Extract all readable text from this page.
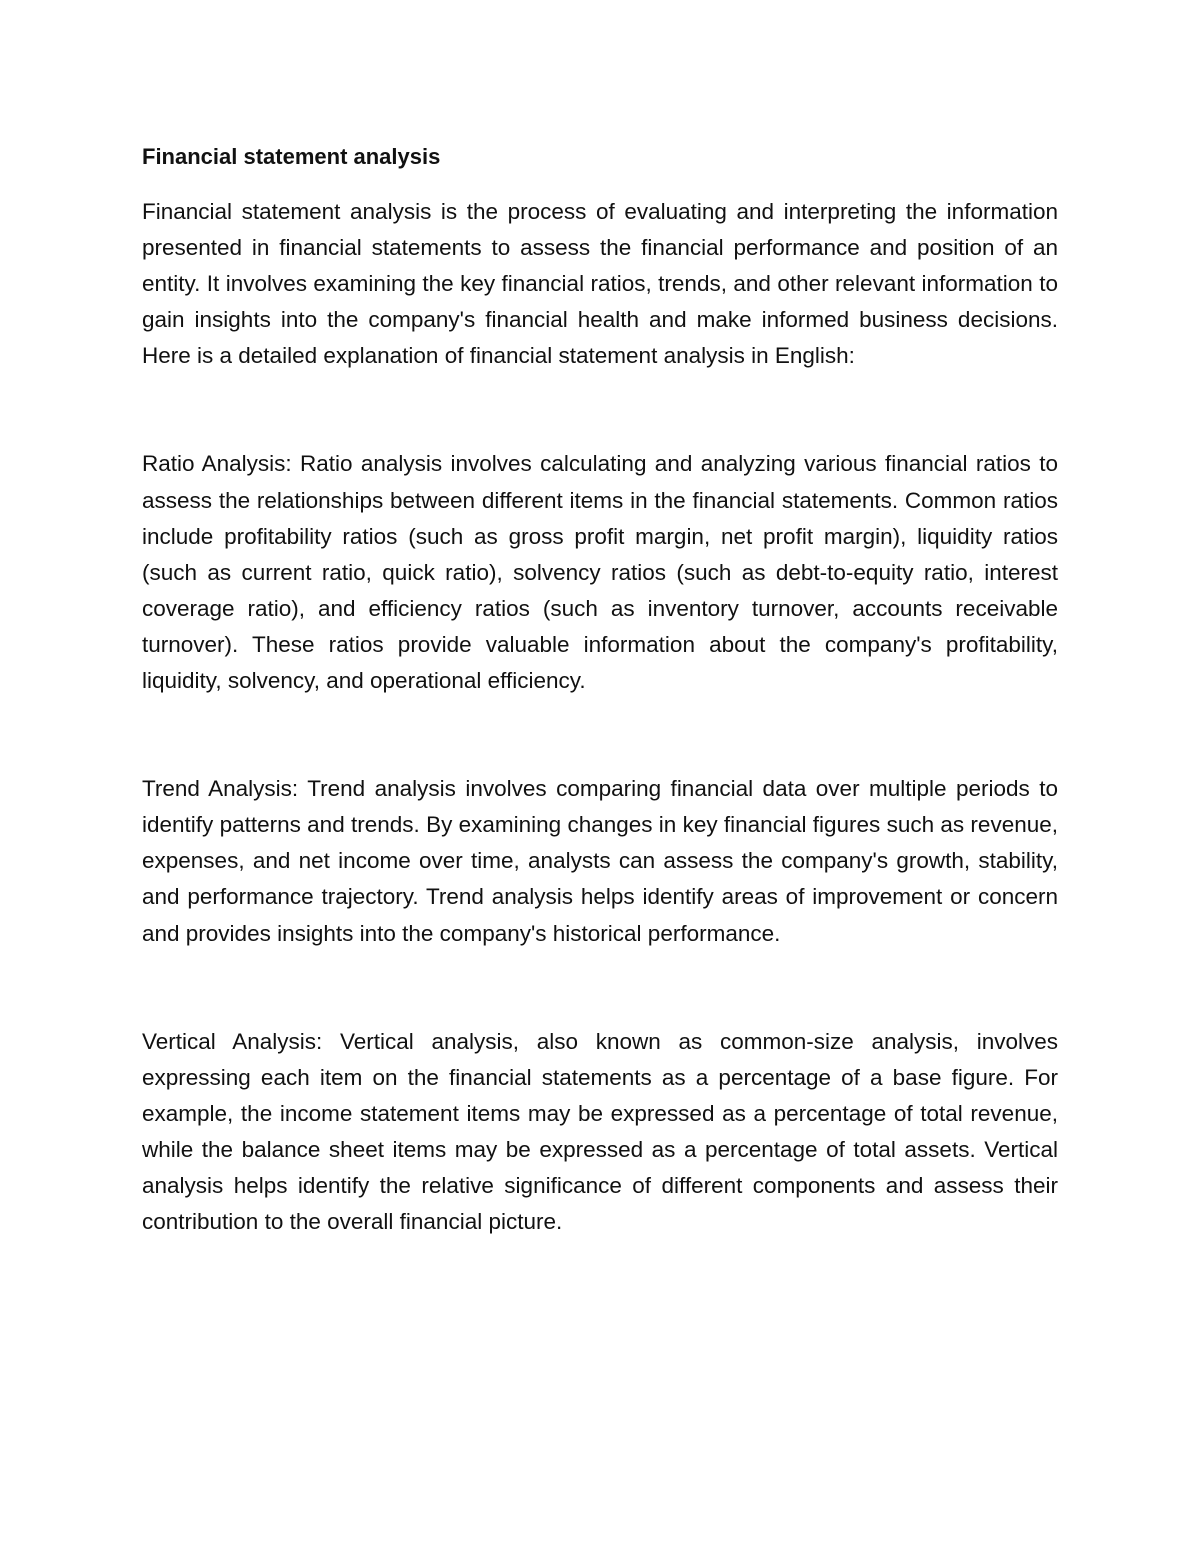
Financial statement analysis

Financial statement analysis is the process of evaluating and interpreting the information presented in financial statements to assess the financial performance and position of an entity. It involves examining the key financial ratios, trends, and other relevant information to gain insights into the company's financial health and make informed business decisions. Here is a detailed explanation of financial statement analysis in English:

Ratio Analysis: Ratio analysis involves calculating and analyzing various financial ratios to assess the relationships between different items in the financial statements. Common ratios include profitability ratios (such as gross profit margin, net profit margin), liquidity ratios (such as current ratio, quick ratio), solvency ratios (such as debt-to-equity ratio, interest coverage ratio), and efficiency ratios (such as inventory turnover, accounts receivable turnover). These ratios provide valuable information about the company's profitability, liquidity, solvency, and operational efficiency.

Trend Analysis: Trend analysis involves comparing financial data over multiple periods to identify patterns and trends. By examining changes in key financial figures such as revenue, expenses, and net income over time, analysts can assess the company's growth, stability, and performance trajectory. Trend analysis helps identify areas of improvement or concern and provides insights into the company's historical performance.

Vertical Analysis: Vertical analysis, also known as common-size analysis, involves expressing each item on the financial statements as a percentage of a base figure. For example, the income statement items may be expressed as a percentage of total revenue, while the balance sheet items may be expressed as a percentage of total assets. Vertical analysis helps identify the relative significance of different components and assess their contribution to the overall financial picture.
